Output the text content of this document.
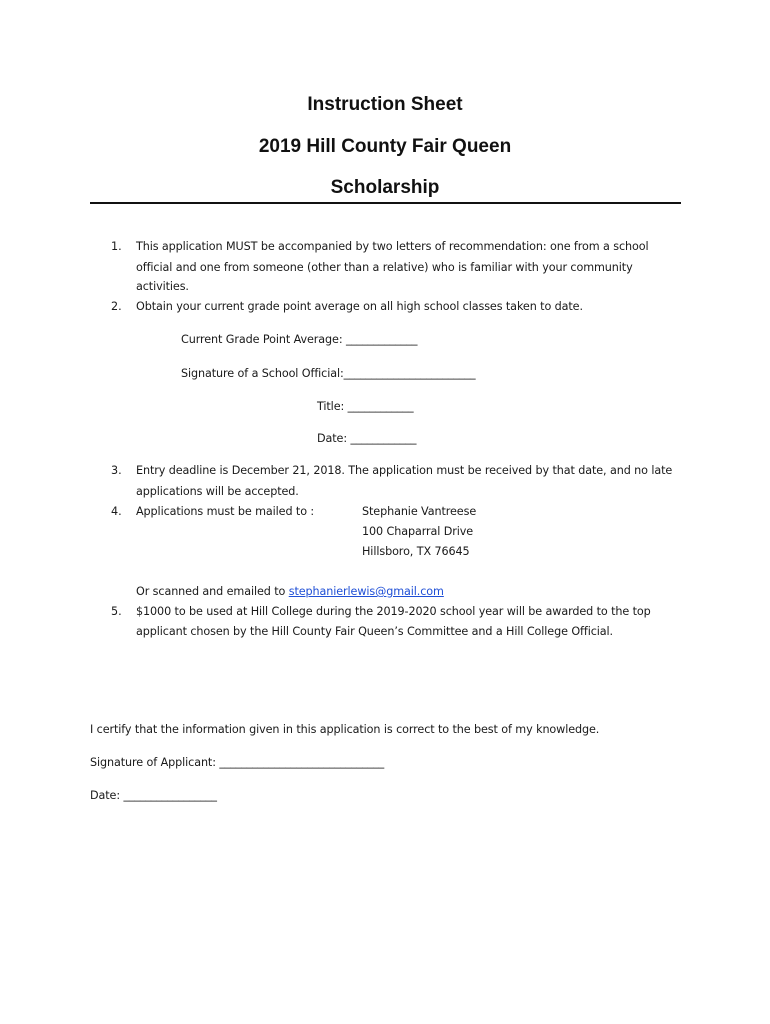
Instruction Sheet
2019 Hill County Fair Queen
Scholarship
1. This application MUST be accompanied by two letters of recommendation: one from a school
official and one from someone (other than a relative) who is familiar with your community
activities.
2. Obtain your current grade point average on all high school classes taken to date.
Current Grade Point Average: _____________
Signature of a School Official:________________________
Title: ____________
Date: ____________
3. Entry deadline is December 21, 2018. The application must be received by that date, and no late
applications will be accepted.
4. Applications must be mailed to :	Stephanie Vantreese
100 Chaparral Drive
Hillsboro, TX 76645
Or scanned and emailed to stephanierlewis@gmail.com
5. $1000 to be used at Hill College during the 2019-2020 school year will be awarded to the top
applicant chosen by the Hill County Fair Queen’s Committee and a Hill College Official.
I certify that the information given in this application is correct to the best of my knowledge.
Signature of Applicant: ______________________________
Date: _________________
